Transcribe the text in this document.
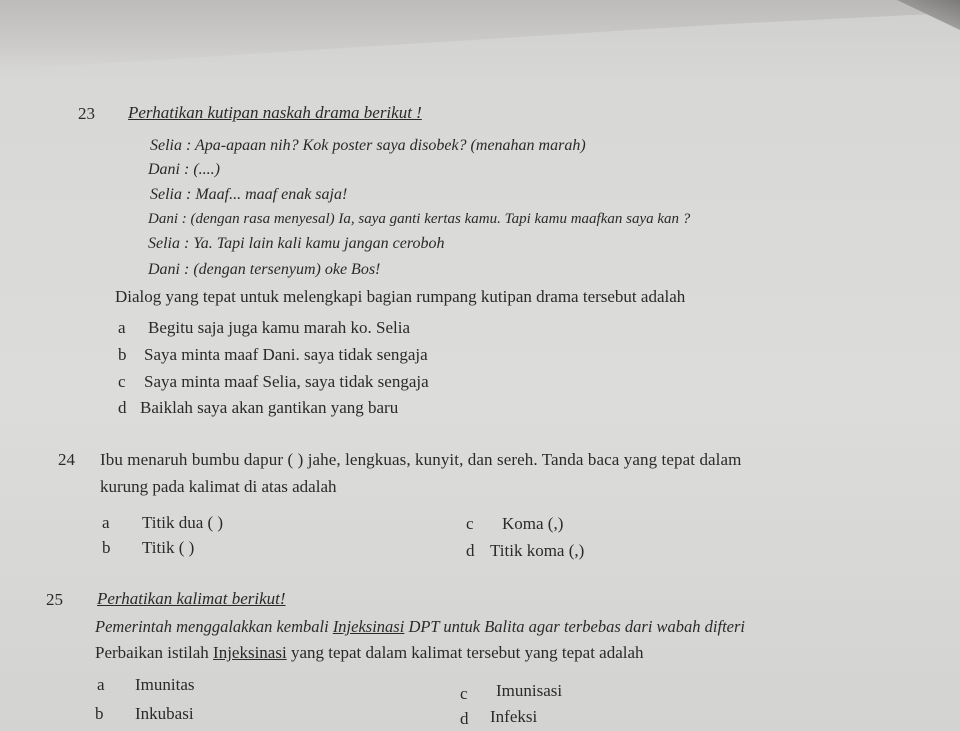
23 Perhatikan kutipan naskah drama berikut !
Selia : Apa-apaan nih? Kok poster saya disobek? (menahan marah)
Dani : (....)
Selia : Maaf... maaf enak saja!
Dani : (dengan rasa menyesal) Ia, saya ganti kertas kamu. Tapi kamu maafkan saya kan ?
Selia : Ya. Tapi lain kali kamu jangan ceroboh
Dani : (dengan tersenyum) oke Bos!
Dialog yang tepat untuk melengkapi bagian rumpang kutipan drama tersebut adalah
a Begitu saja juga kamu marah ko. Selia
b Saya minta maaf Dani. saya tidak sengaja
c Saya minta maaf Selia, saya tidak sengaja
d Baiklah saya akan gantikan yang baru
24 Ibu menaruh bumbu dapur ( ) jahe, lengkuas, kunyit, dan sereh. Tanda baca yang tepat dalam
kurung pada kalimat di atas adalah
a Titik dua ( )
b Titik ( )
c Koma (,)
d Titik koma (,)
25 Perhatikan kalimat berikut!
Pemerintah menggalakkan kembali Injeksinasi DPT untuk Balita agar terbebas dari wabah difteri
Perbaikan istilah Injeksinasi yang tepat dalam kalimat tersebut yang tepat adalah
a Imunitas
b Inkubasi
c Imunisasi
d Infeksi
